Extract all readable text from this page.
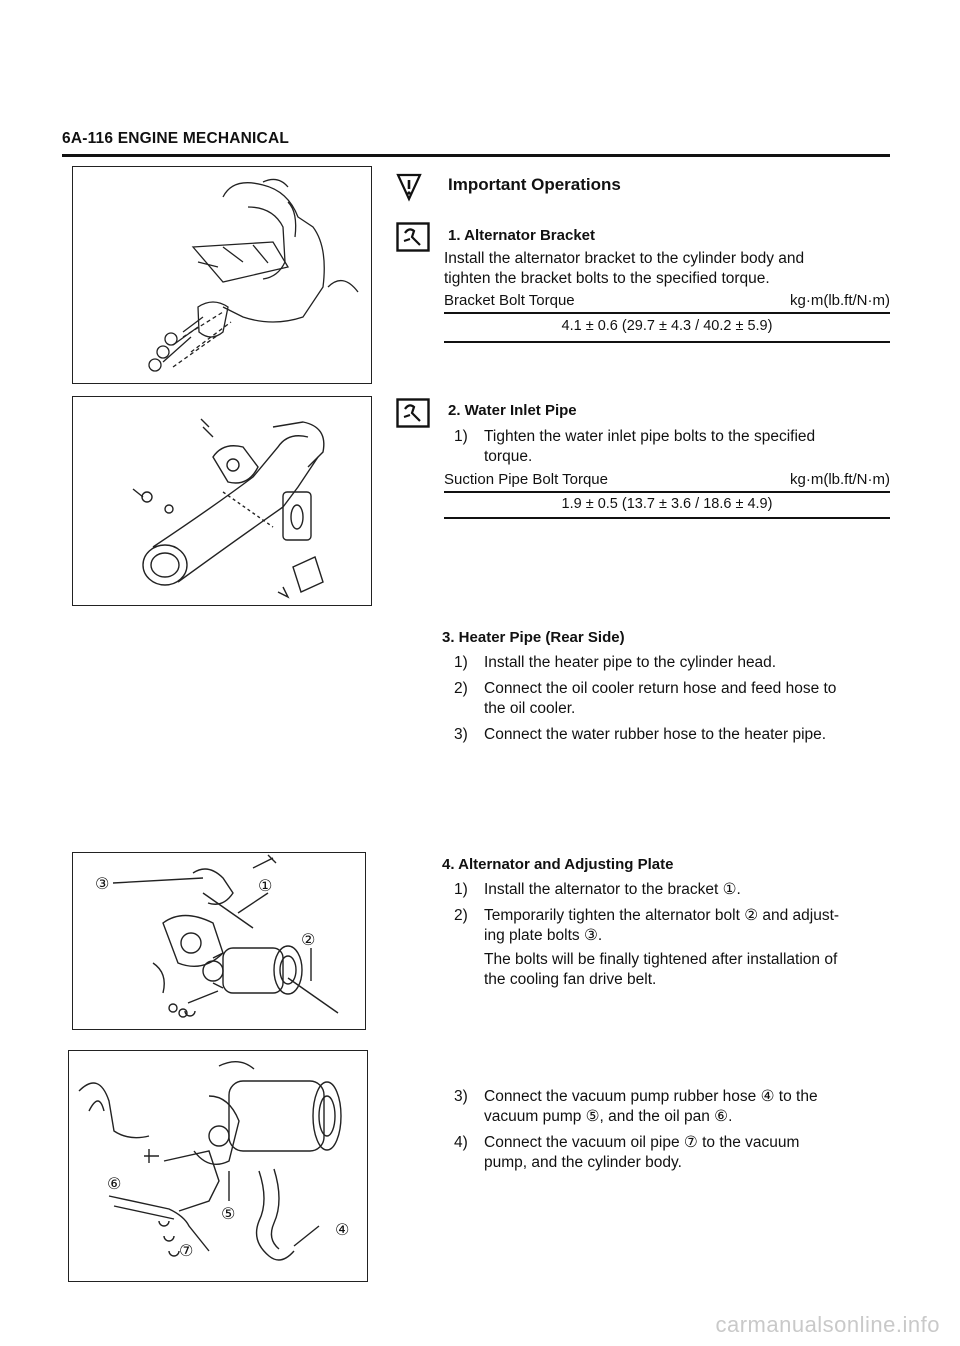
6A-116 ENGINE MECHANICAL
③	①
②
⑥
⑤
⑦
④
Important Operations
1. Alternator Bracket
Install the alternator bracket to the cylinder body and
tighten the bracket bolts to the specified torque.
Bracket Bolt Torque	kg·m(lb.ft/N·m)
4.1 ± 0.6 (29.7 ± 4.3 / 40.2 ± 5.9)
2. Water Inlet Pipe
1) Tighten the water inlet pipe bolts to the specified
torque.
Suction Pipe Bolt Torque	kg·m(lb.ft/N·m)
1.9 ± 0.5 (13.7 ± 3.6 / 18.6 ± 4.9)
3. Heater Pipe (Rear Side)
1) Install the heater pipe to the cylinder head.
2) Connect the oil cooler return hose and feed hose to
the oil cooler.
3) Connect the water rubber hose to the heater pipe.
4. Alternator and Adjusting Plate
1) Install the alternator to the bracket ①.
2) Temporarily tighten the alternator bolt ② and adjust-
ing plate bolts ③.
The bolts will be finally tightened after installation of
the cooling fan drive belt.
3) Connect the vacuum pump rubber hose ④ to the
vacuum pump ⑤, and the oil pan ⑥.
4) Connect the vacuum oil pipe ⑦ to the vacuum
pump, and the cylinder body.
carmanualsonline.info
